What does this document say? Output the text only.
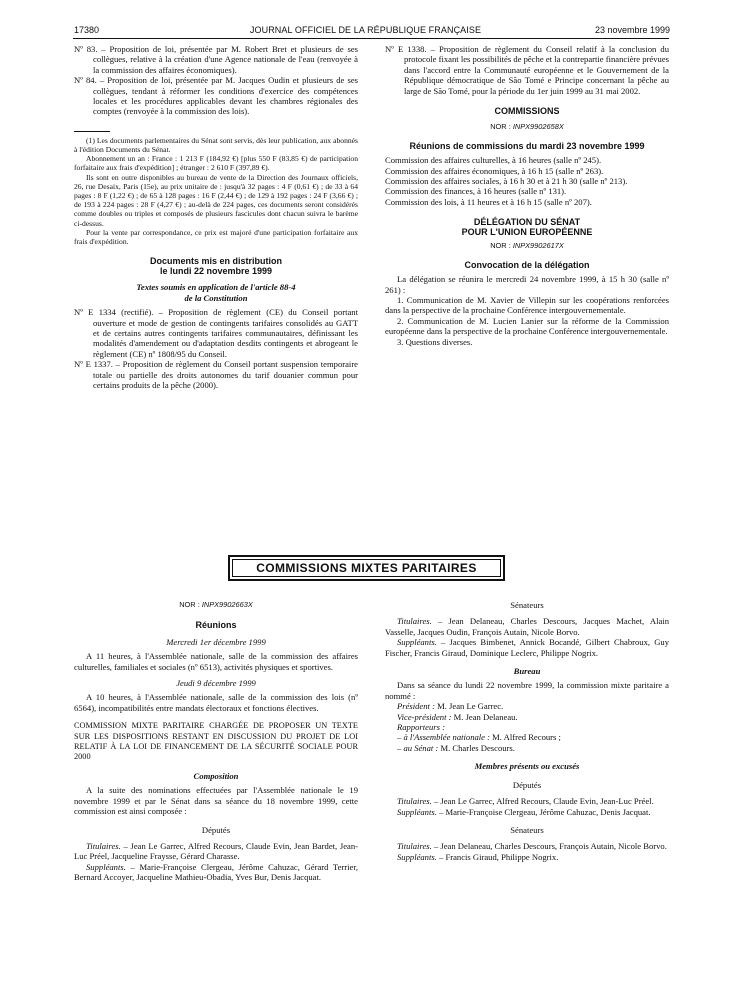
17380	JOURNAL OFFICIEL DE LA RÉPUBLIQUE FRANÇAISE	23 novembre 1999

Nº 83. – Proposition de loi, présentée par M. Robert Bret et plusieurs de ses collègues, relative à la création d'une Agence nationale de l'eau (renvoyée à la commission des affaires économiques).

Nº 84. – Proposition de loi, présentée par M. Jacques Oudin et plusieurs de ses collègues, tendant à réformer les conditions d'exercice des compétences locales et les procédures applicables devant les chambres régionales des comptes (renvoyée à la commission des lois).

(1) Les documents parlementaires du Sénat sont servis, dès leur publication, aux abonnés à l'édition Documents du Sénat.

Abonnement un an : France : 1 213 F (184,92 €) [plus 550 F (83,85 €) de participation forfaitaire aux frais d'expédition] ; étranger : 2 610 F (397,89 €).

Ils sont en outre disponibles au bureau de vente de la Direction des Journaux officiels, 26, rue Desaix, Paris (15e), au prix unitaire de : jusqu'à 32 pages : 4 F (0,61 €) ; de 33 à 64 pages : 8 F (1,22 €) ; de 65 à 128 pages : 16 F (2,44 €) ; de 129 à 192 pages : 24 F (3,66 €) ; de 193 à 224 pages : 28 F (4,27 €) ; au-delà de 224 pages, ces documents seront considérés comme doubles ou triples et composés de plusieurs fascicules dont chacun suivra le barème ci-dessus.

Pour la vente par correspondance, ce prix est majoré d'une participation forfaitaire aux frais d'expédition.

Documents mis en distribution

le lundi 22 novembre 1999

Textes soumis en application de l'article 88-4

de la Constitution

Nº E 1334 (rectifié). – Proposition de règlement (CE) du Conseil portant ouverture et mode de gestion de contingents tarifaires consolidés au GATT et de certains autres contingents tarifaires communautaires, définissant les modalités d'amendement ou d'adaptation desdits contingents et abrogeant le règlement (CE) nº 1808/95 du Conseil.

Nº E 1337. – Proposition de règlement du Conseil portant suspension temporaire totale ou partielle des droits autonomes du tarif douanier commun pour certains produits de la pêche (2000).

Nº E 1338. – Proposition de règlement du Conseil relatif à la conclusion du protocole fixant les possibilités de pêche et la contrepartie financière prévues dans l'accord entre la Communauté européenne et le Gouvernement de la République démocratique de São Tomé e Principe concernant la pêche au large de São Tomé, pour la période du 1er juin 1999 au 31 mai 2002.

COMMISSIONS

NOR : INPX9902658X

Réunions de commissions du mardi 23 novembre 1999

Commission des affaires culturelles, à 16 heures (salle nº 245).

Commission des affaires économiques, à 16 h 15 (salle nº 263).

Commission des affaires sociales, à 16 h 30 et à 21 h 30 (salle nº 213).

Commission des finances, à 16 heures (salle nº 131).

Commission des lois, à 11 heures et à 16 h 15 (salle nº 207).

DÉLÉGATION DU SÉNAT

POUR L'UNION EUROPÉENNE

NOR : INPX9902617X

Convocation de la délégation

La délégation se réunira le mercredi 24 novembre 1999, à 15 h 30 (salle nº 261) :

1. Communication de M. Xavier de Villepin sur les coopérations renforcées dans la perspective de la prochaine Conférence intergouvernementale.

2. Communication de M. Lucien Lanier sur la réforme de la Commission européenne dans la perspective de la prochaine Conférence intergouvernementale.

3. Questions diverses.

COMMISSIONS MIXTES PARITAIRES

NOR : INPX9902663X

Réunions

Mercredi 1er décembre 1999

A 11 heures, à l'Assemblée nationale, salle de la commission des affaires culturelles, familiales et sociales (nº 6513), activités physiques et sportives.

Jeudi 9 décembre 1999

A 10 heures, à l'Assemblée nationale, salle de la commission des lois (nº 6564), incompatibilités entre mandats électoraux et fonctions électives.

COMMISSION MIXTE PARITAIRE CHARGÉE DE PROPOSER UN TEXTE SUR LES DISPOSITIONS RESTANT EN DISCUSSION DU PROJET DE LOI RELATIF À LA LOI DE FINANCEMENT DE LA SÉCURITÉ SOCIALE POUR 2000

Composition

A la suite des nominations effectuées par l'Assemblée nationale le 19 novembre 1999 et par le Sénat dans sa séance du 18 novembre 1999, cette commission est ainsi composée :

Députés

Titulaires. – Jean Le Garrec, Alfred Recours, Claude Evin, Jean Bardet, Jean-Luc Préel, Jacqueline Fraysse, Gérard Charasse.

Suppléants. – Marie-Françoise Clergeau, Jérôme Cahuzac, Gérard Terrier, Bernard Accoyer, Jacqueline Mathieu-Obadia, Yves Bur, Denis Jacquat.

Sénateurs

Titulaires. – Jean Delaneau, Charles Descours, Jacques Machet, Alain Vasselle, Jacques Oudin, François Autain, Nicole Borvo.

Suppléants. – Jacques Bimbenet, Annick Bocandé, Gilbert Chabroux, Guy Fischer, Francis Giraud, Dominique Leclerc, Philippe Nogrix.

Bureau

Dans sa séance du lundi 22 novembre 1999, la commission mixte paritaire a nommé :

Président : M. Jean Le Garrec.

Vice-président : M. Jean Delaneau.

Rapporteurs :

– à l'Assemblée nationale : M. Alfred Recours ;

– au Sénat : M. Charles Descours.

Membres présents ou excusés

Députés

Titulaires. – Jean Le Garrec, Alfred Recours, Claude Evin, Jean-Luc Préel.

Suppléants. – Marie-Françoise Clergeau, Jérôme Cahuzac, Denis Jacquat.

Sénateurs

Titulaires. – Jean Delaneau, Charles Descours, François Autain, Nicole Borvo.

Suppléants. – Francis Giraud, Philippe Nogrix.
